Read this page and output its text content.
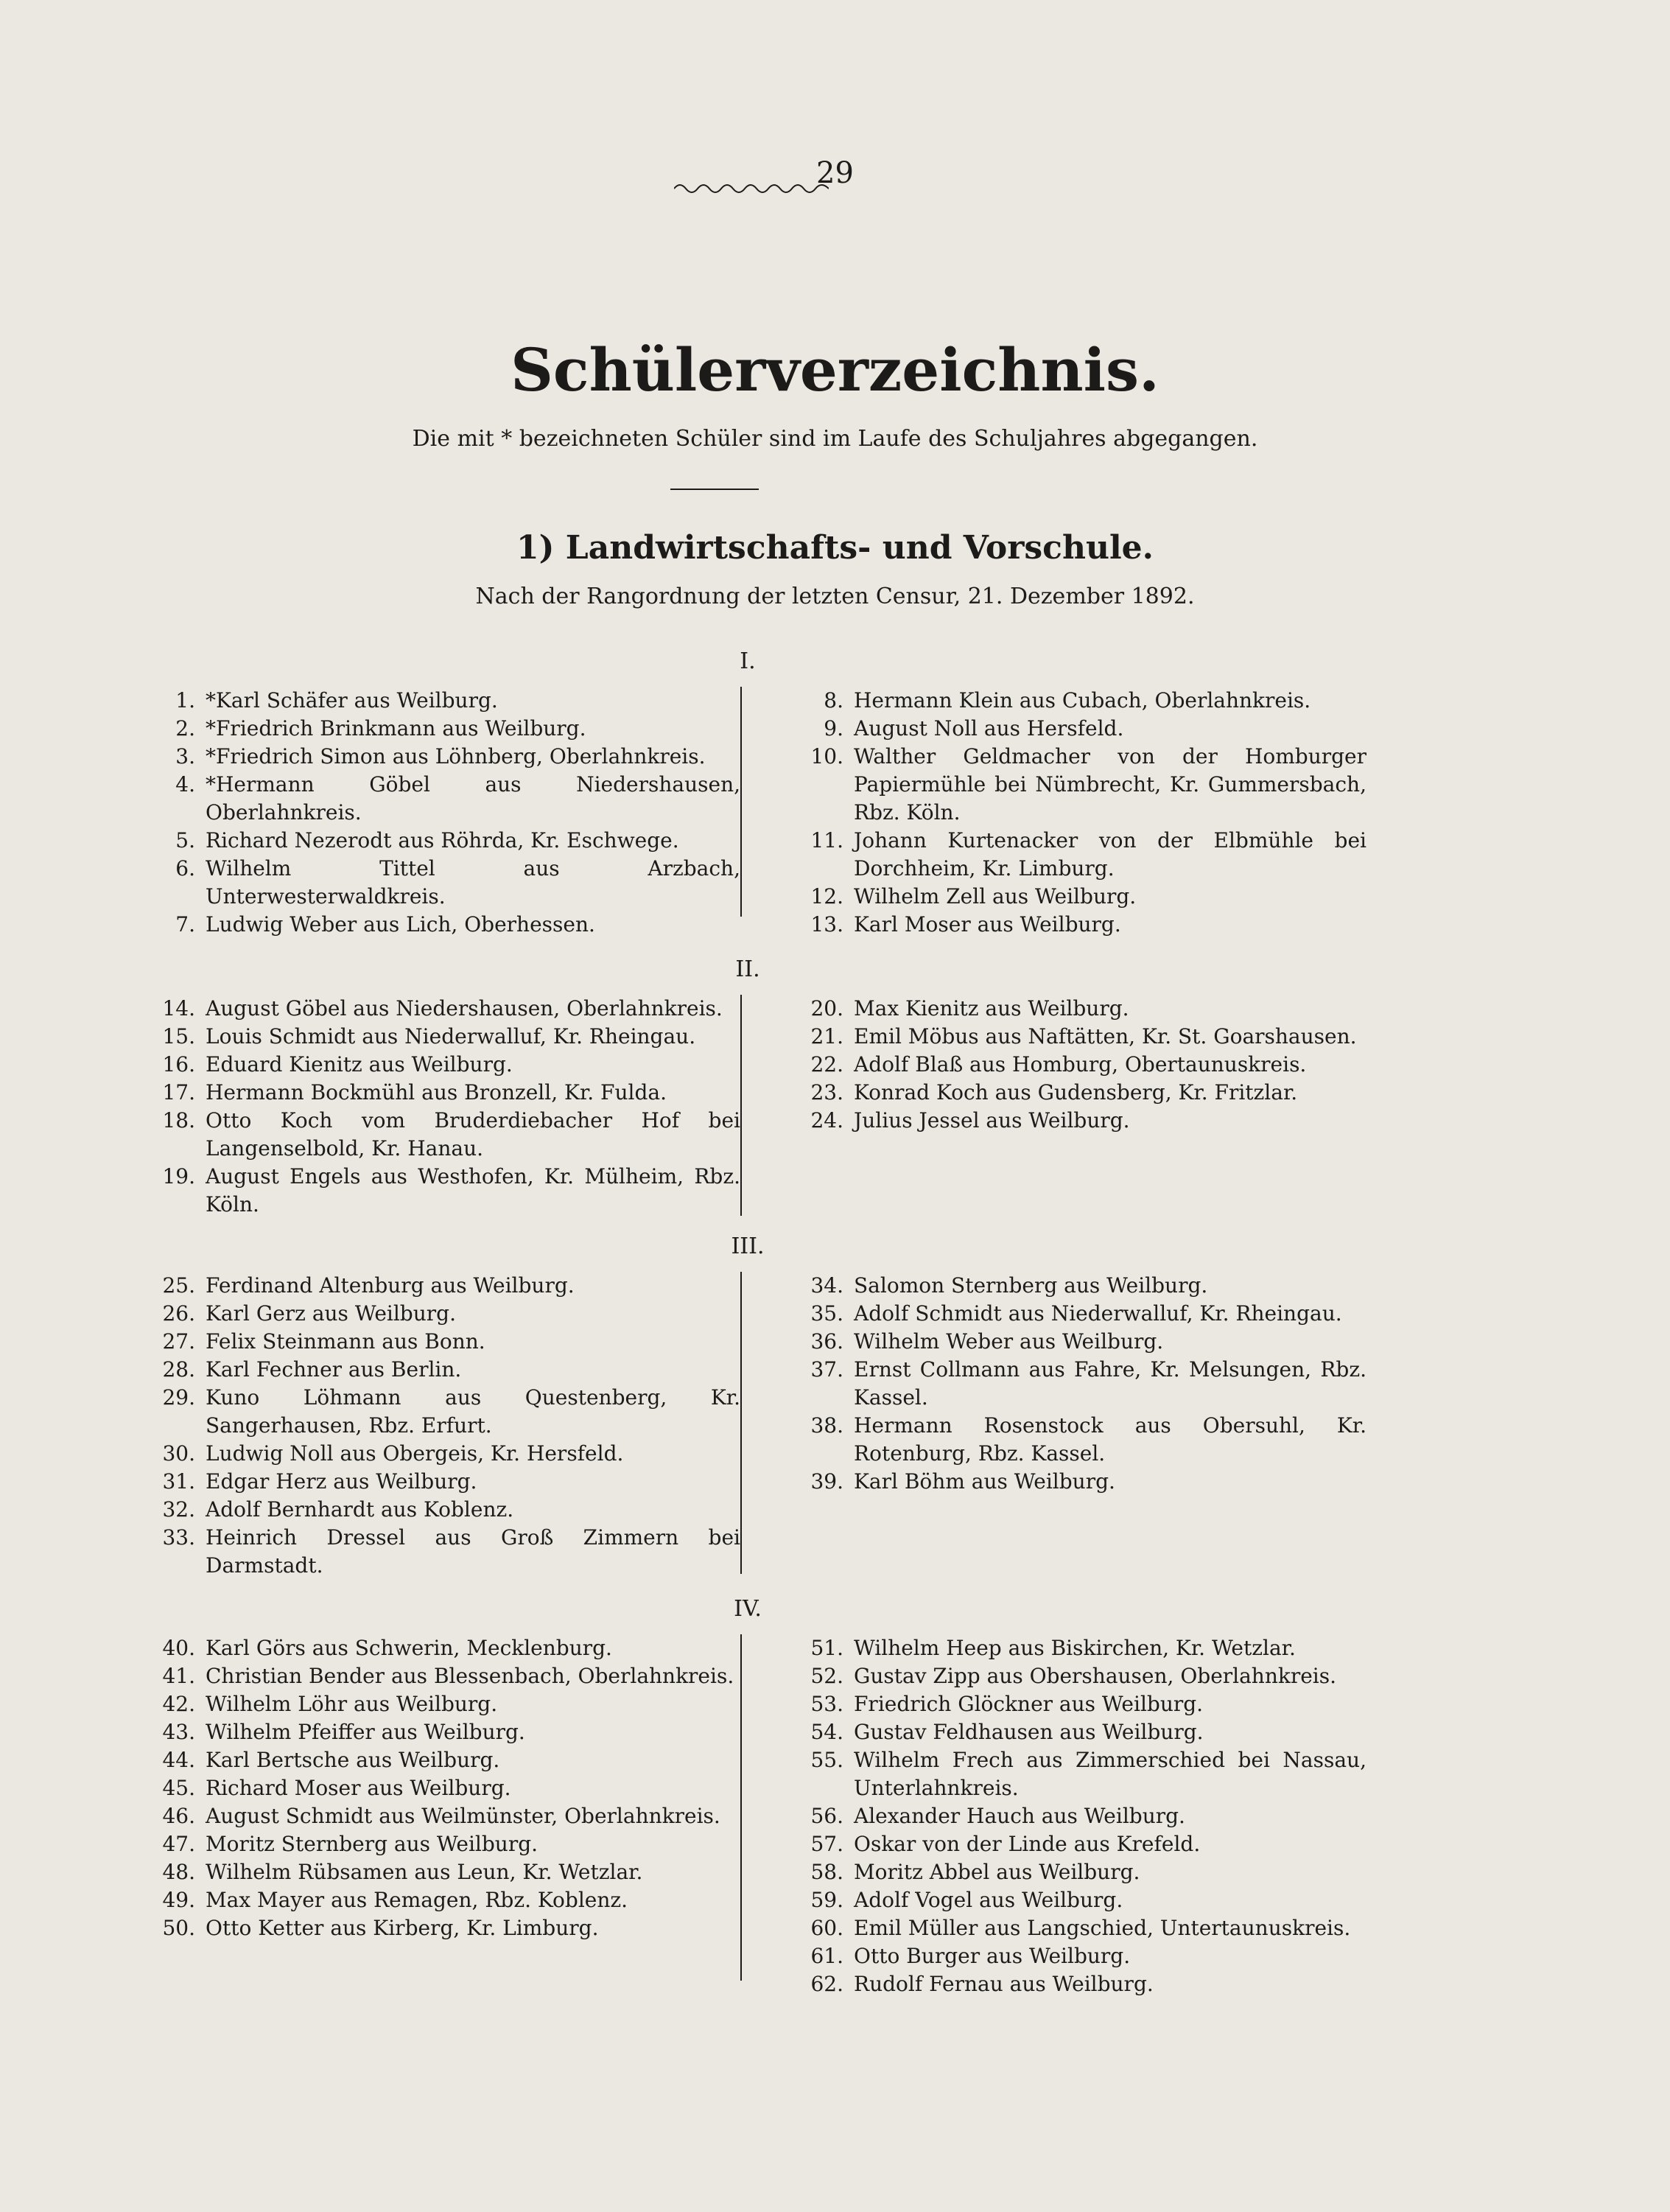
29
Schülerverzeichnis.
Die mit * bezeichneten Schüler sind im Laufe des Schuljahres abgegangen.
1) Landwirtschafts- und Vorschule.
Nach der Rangordnung der letzten Censur, 21. Dezember 1892.
I.
1. *Karl Schäfer aus Weilburg.
2. *Friedrich Brinkmann aus Weilburg.
3. *Friedrich Simon aus Löhnberg, Oberlahnkreis.
4. *Hermann Göbel aus Niedershausen, Oberlahnkreis.
5. Richard Nezerodt aus Röhrda, Kr. Eschwege.
6. Wilhelm Tittel aus Arzbach, Unterwesterwaldkreis.
7. Ludwig Weber aus Lich, Oberhessen.
8. Hermann Klein aus Cubach, Oberlahnkreis.
9. August Noll aus Hersfeld.
10. Walther Geldmacher von der Homburger Papiermühle bei Nümbrecht, Kr. Gummersbach, Rbz. Köln.
11. Johann Kurtenacker von der Elbmühle bei Dorchheim, Kr. Limburg.
12. Wilhelm Zell aus Weilburg.
13. Karl Moser aus Weilburg.
II.
14. August Göbel aus Niedershausen, Oberlahnkreis.
15. Louis Schmidt aus Niederwalluf, Kr. Rheingau.
16. Eduard Kienitz aus Weilburg.
17. Hermann Bockmühl aus Bronzell, Kr. Fulda.
18. Otto Koch vom Bruderdiebacher Hof bei Langenselbold, Kr. Hanau.
19. August Engels aus Westhofen, Kr. Mülheim, Rbz. Köln.
20. Max Kienitz aus Weilburg.
21. Emil Möbus aus Naftätten, Kr. St. Goarshausen.
22. Adolf Blaß aus Homburg, Obertaunuskreis.
23. Konrad Koch aus Gudensberg, Kr. Fritzlar.
24. Julius Jessel aus Weilburg.
III.
25. Ferdinand Altenburg aus Weilburg.
26. Karl Gerz aus Weilburg.
27. Felix Steinmann aus Bonn.
28. Karl Fechner aus Berlin.
29. Kuno Löhmann aus Questenberg, Kr. Sangerhausen, Rbz. Erfurt.
30. Ludwig Noll aus Obergeis, Kr. Hersfeld.
31. Edgar Herz aus Weilburg.
32. Adolf Bernhardt aus Koblenz.
33. Heinrich Dressel aus Groß Zimmern bei Darmstadt.
34. Salomon Sternberg aus Weilburg.
35. Adolf Schmidt aus Niederwalluf, Kr. Rheingau.
36. Wilhelm Weber aus Weilburg.
37. Ernst Collmann aus Fahre, Kr. Melsungen, Rbz. Kassel.
38. Hermann Rosenstock aus Obersuhl, Kr. Rotenburg, Rbz. Kassel.
39. Karl Böhm aus Weilburg.
IV.
40. Karl Görs aus Schwerin, Mecklenburg.
41. Christian Bender aus Blessenbach, Oberlahnkreis.
42. Wilhelm Löhr aus Weilburg.
43. Wilhelm Pfeiffer aus Weilburg.
44. Karl Bertsche aus Weilburg.
45. Richard Moser aus Weilburg.
46. August Schmidt aus Weilmünster, Oberlahnkreis.
47. Moritz Sternberg aus Weilburg.
48. Wilhelm Rübsamen aus Leun, Kr. Wetzlar.
49. Max Mayer aus Remagen, Rbz. Koblenz.
50. Otto Ketter aus Kirberg, Kr. Limburg.
51. Wilhelm Heep aus Biskirchen, Kr. Wetzlar.
52. Gustav Zipp aus Obershausen, Oberlahnkreis.
53. Friedrich Glöckner aus Weilburg.
54. Gustav Feldhausen aus Weilburg.
55. Wilhelm Frech aus Zimmerschied bei Nassau, Unterlahnkreis.
56. Alexander Hauch aus Weilburg.
57. Oskar von der Linde aus Krefeld.
58. Moritz Abbel aus Weilburg.
59. Adolf Vogel aus Weilburg.
60. Emil Müller aus Langschied, Untertaunuskreis.
61. Otto Burger aus Weilburg.
62. Rudolf Fernau aus Weilburg.
